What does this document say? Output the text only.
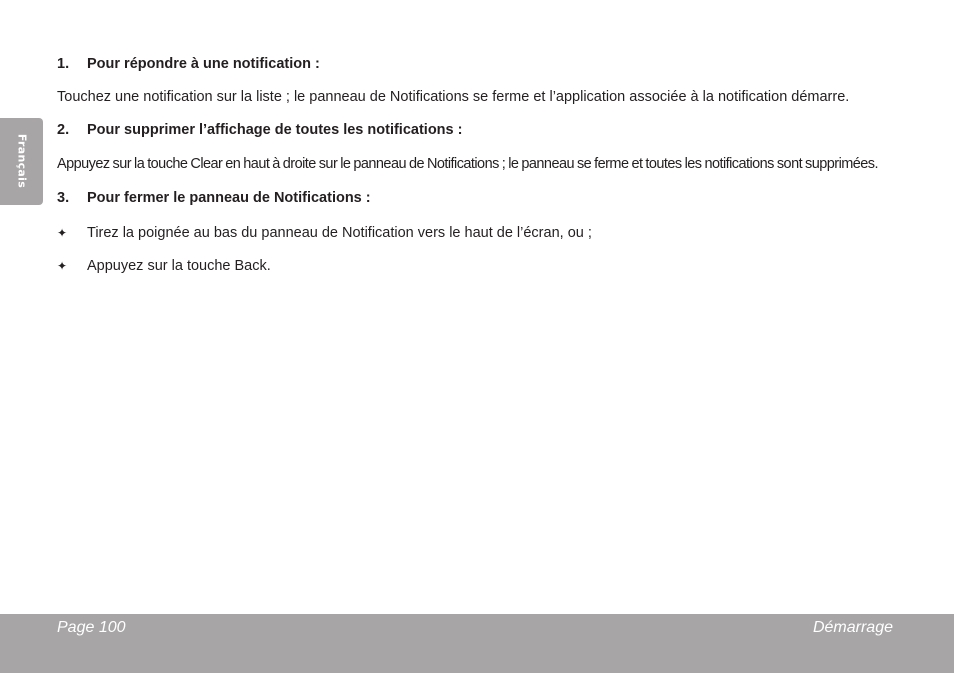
Français
1.	Pour répondre à une notification :

Touchez une notification sur la liste ; le panneau de Notifications se ferme et l’application associée à la notification démarre.

2.	Pour supprimer l’affichage de toutes les notifications :

Appuyez sur la touche Clear en haut à droite sur le panneau de Notifications ; le panneau se ferme et toutes les notifications sont supprimées.

3.	Pour fermer le panneau de Notifications :
✦	Tirez la poignée au bas du panneau de Notification vers le haut de l’écran, ou ;
✦	Appuyez sur la touche Back.
Page 100	Démarrage
